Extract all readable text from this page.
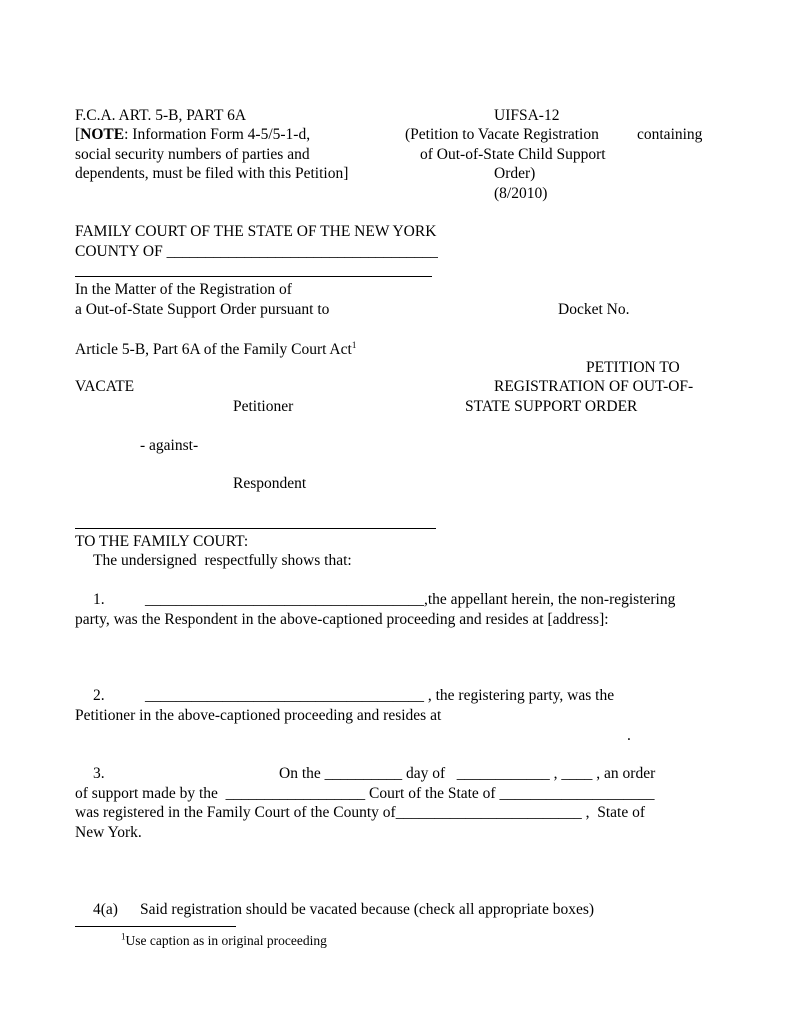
F.C.A. ART. 5-B, PART 6A
[NOTE: Information Form 4-5/5-1-d,
social security numbers of parties and
dependents, must be filed with this Petition]
UIFSA-12
(Petition to Vacate Registration containing
of Out-of-State Child Support
Order)
(8/2010)
FAMILY COURT OF THE STATE OF THE NEW YORK
COUNTY OF ___________________________________
In the Matter of the Registration of
a Out-of-State Support Order pursuant to	Docket No.
Article 5-B, Part 6A of the Family Court Act$^1$
PETITION TO
VACATE	REGISTRATION OF OUT-OF-
Petitioner	STATE SUPPORT ORDER
- against-
Respondent
TO THE FAMILY COURT:
The undersigned  respectfully shows that:
1.	____________________________________,the appellant herein, the non-registering
party, was the Respondent in the above-captioned proceeding and resides at [address]:
2.	____________________________________ , the registering party, was the
Petitioner in the above-captioned proceeding and resides at
.
3.	On the __________ day of   ____________ , ____ , an order
of support made by the  __________________ Court of the State of ____________________
was registered in the Family Court of the County of________________________ ,  State of
New York.
4(a) Said registration should be vacated because (check all appropriate boxes)
$^1$Use caption as in original proceeding
